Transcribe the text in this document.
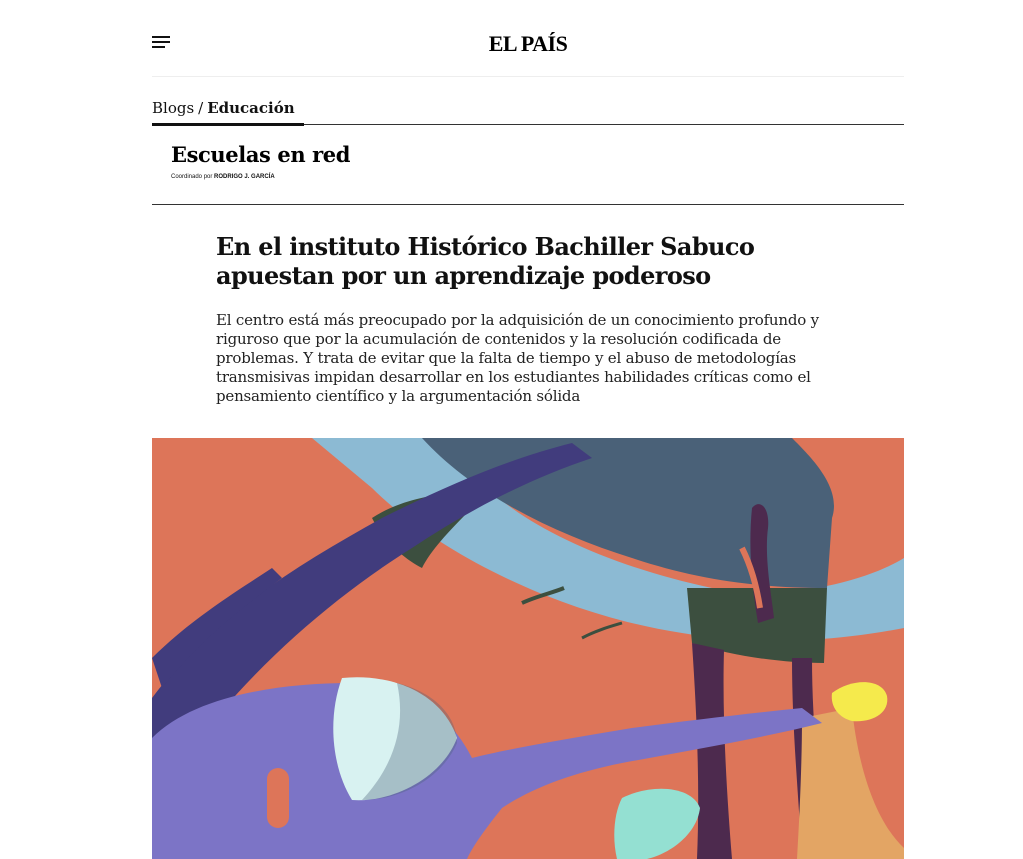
EL PAÍS
Blogs / Educación
Escuelas en red
Coordinado por RODRIGO J. GARCÍA
En el instituto Histórico Bachiller Sabuco apuestan por un aprendizaje poderoso

El centro está más preocupado por la adquisición de un conocimiento profundo y riguroso que por la acumulación de contenidos y la resolución codificada de problemas. Y trata de evitar que la falta de tiempo y el abuso de metodologías transmisivas impidan desarrollar en los estudiantes habilidades críticas como el pensamiento científico y la argumentación sólida
